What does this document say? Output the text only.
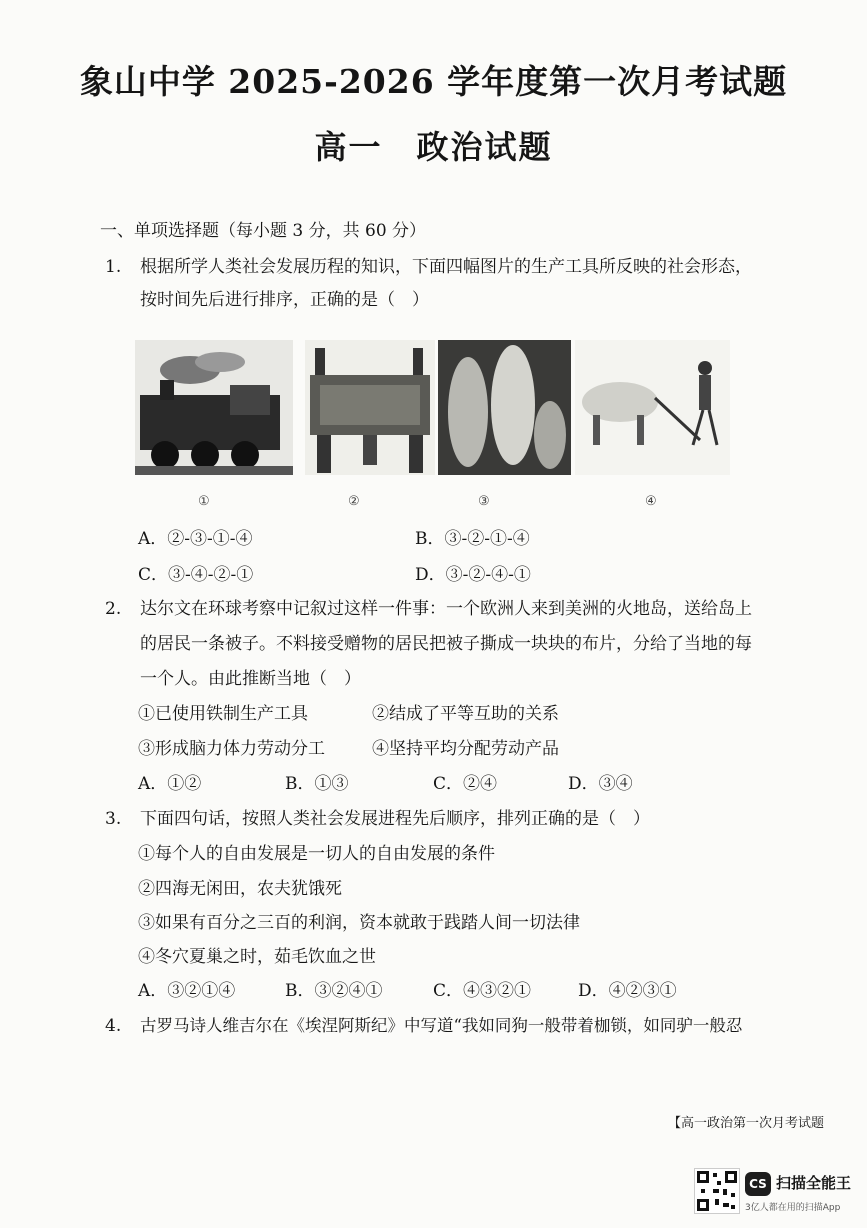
象山中学 2025-2026 学年度第一次月考试题
高一　政治试题
一、单项选择题（每小题 3 分，共 60 分）
1. 根据所学人类社会发展历程的知识，下面四幅图片的生产工具所反映的社会形态，
按时间先后进行排序，正确的是（　）
①	②	③	④
A．②-③-①-④	B．③-②-①-④
C．③-④-②-①	D．③-②-④-①
2. 达尔文在环球考察中记叙过这样一件事：一个欧洲人来到美洲的火地岛，送给岛上
的居民一条被子。不料接受赠物的居民把被子撕成一块块的布片，分给了当地的每
一个人。由此推断当地（　）
①已使用铁制生产工具	②结成了平等互助的关系
③形成脑力体力劳动分工	④坚持平均分配劳动产品
A．①②	B．①③	C．②④	D．③④
3. 下面四句话，按照人类社会发展进程先后顺序，排列正确的是（　）
①每个人的自由发展是一切人的自由发展的条件
②四海无闲田，农夫犹饿死
③如果有百分之三百的利润，资本就敢于践踏人间一切法律
④冬穴夏巢之时，茹毛饮血之世
A．③②①④	B．③②④①	C．④③②①	D．④②③①
4. 古罗马诗人维吉尔在《埃涅阿斯纪》中写道“我如同狗一般带着枷锁，如同驴一般忍
【高一政治第一次月考试题
CS 扫描全能王
3亿人都在用的扫描App
